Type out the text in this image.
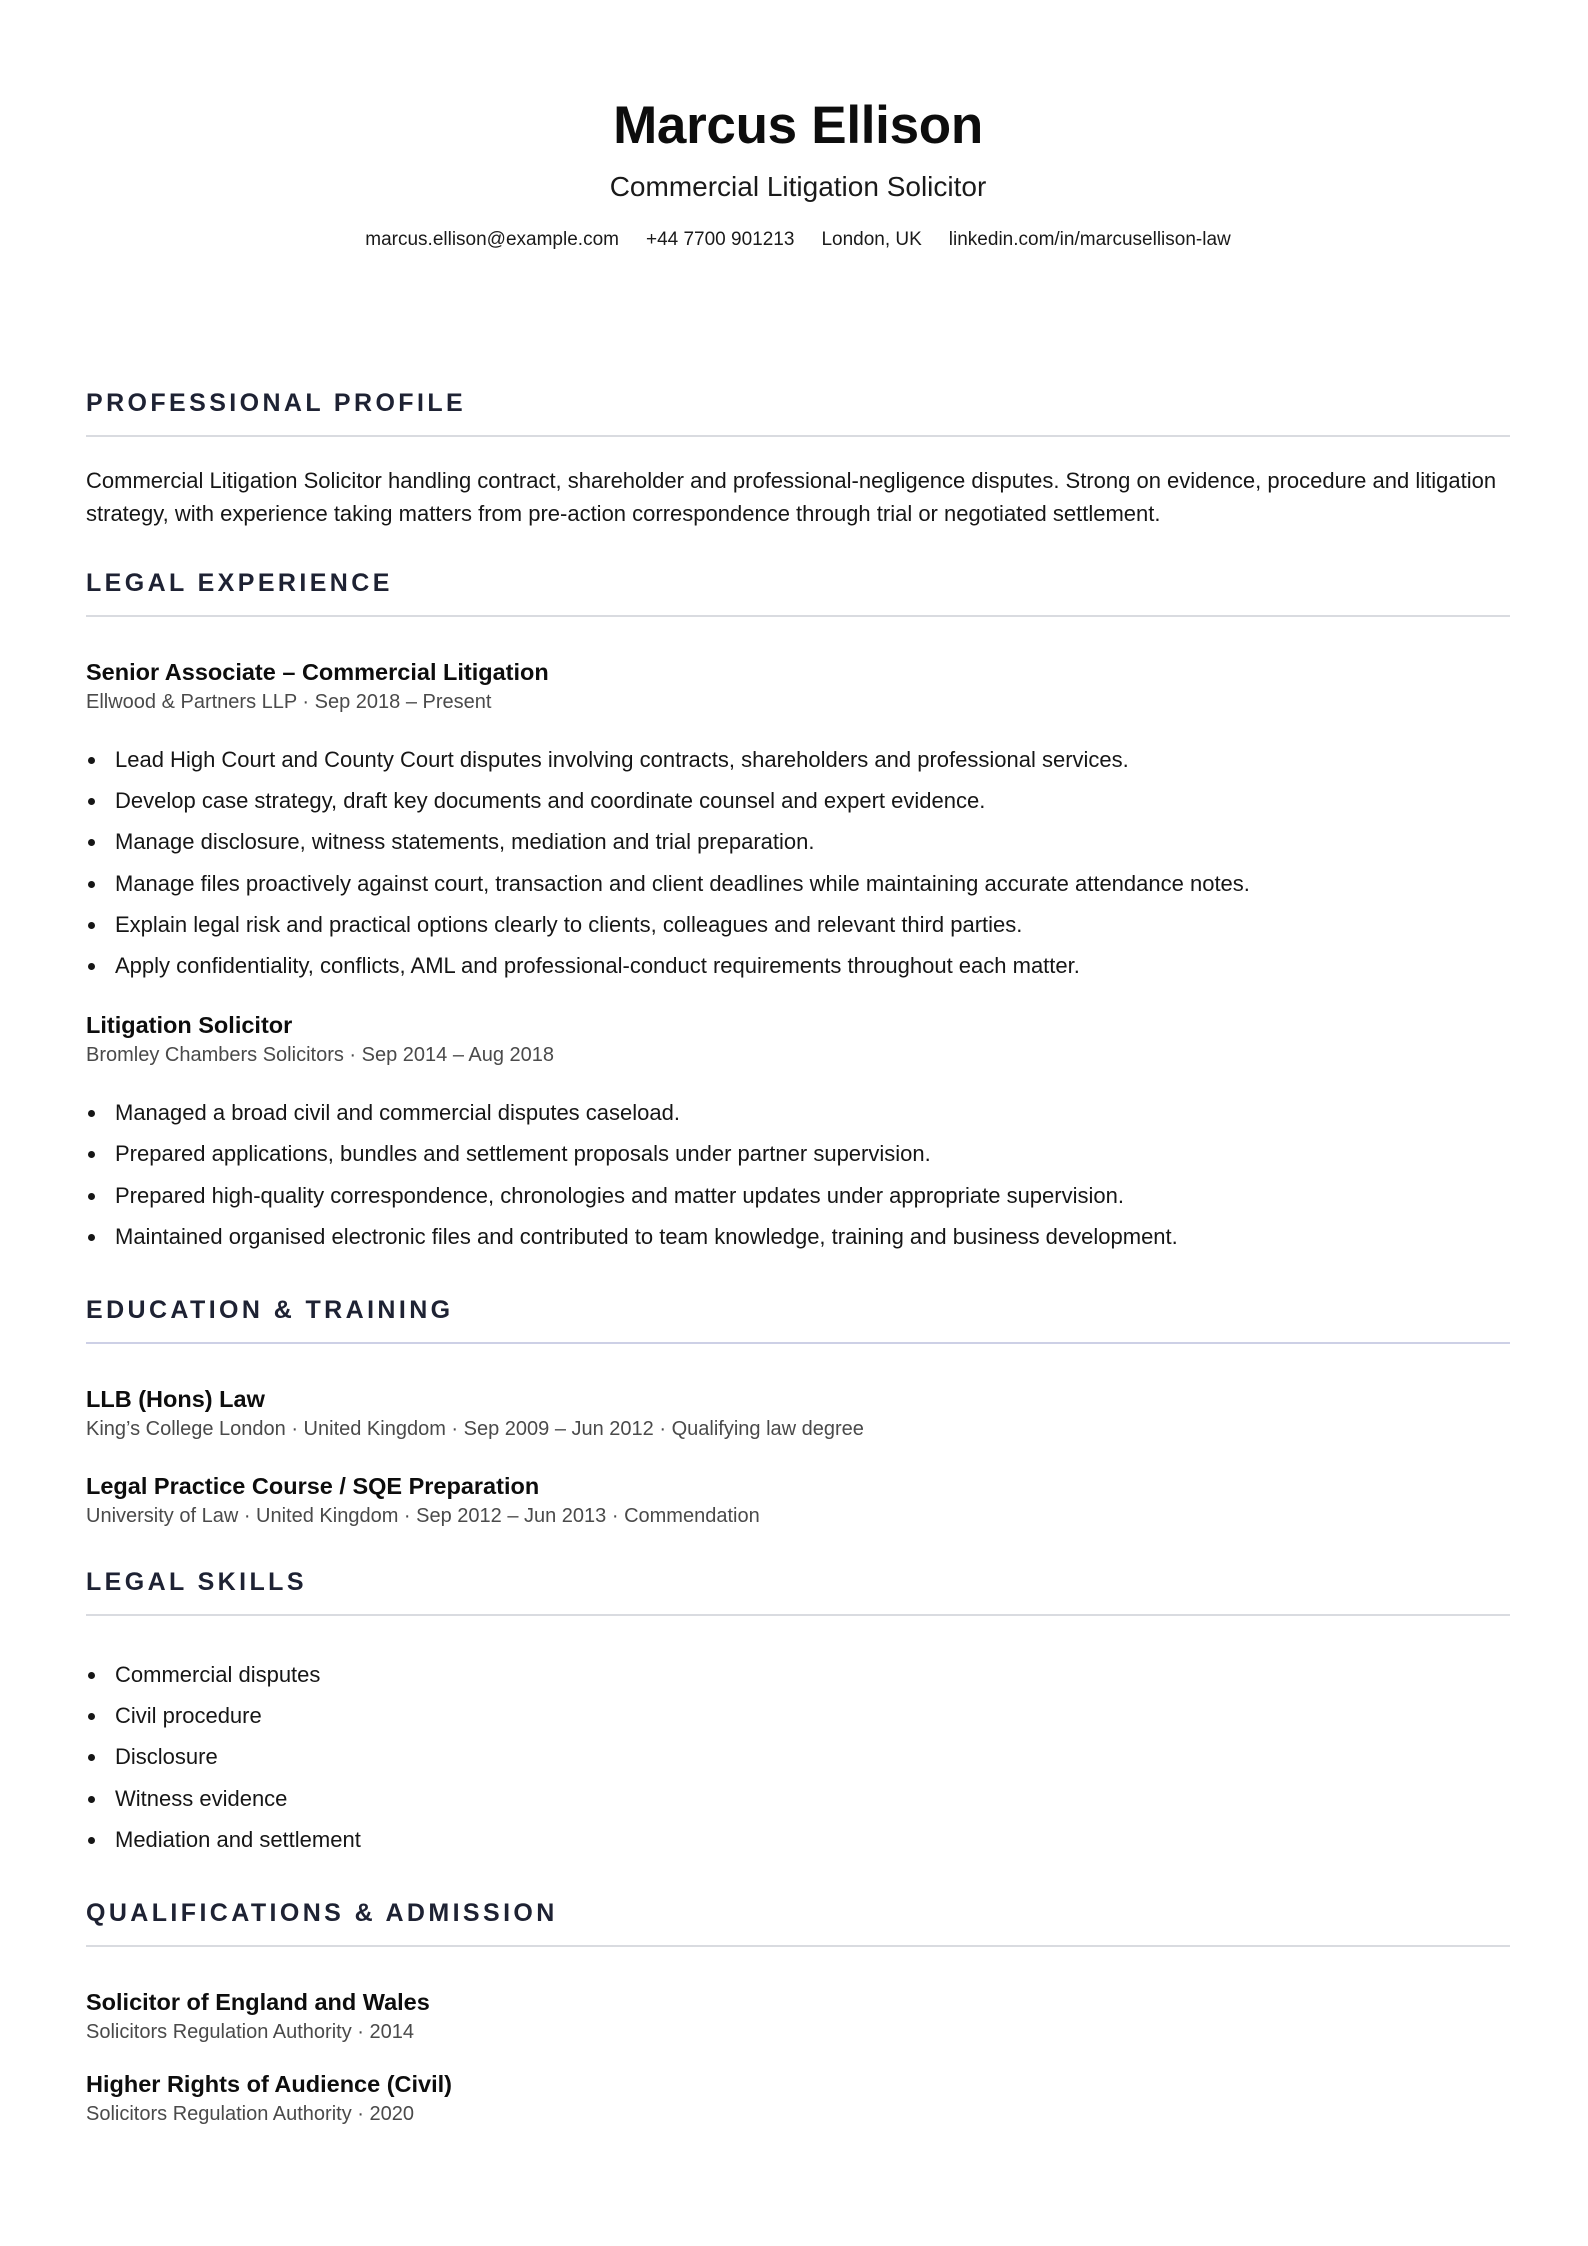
Marcus Ellison
Commercial Litigation Solicitor
marcus.ellison@example.com +44 7700 901213 London, UK linkedin.com/in/marcusellison-law
PROFESSIONAL PROFILE
Commercial Litigation Solicitor handling contract, shareholder and professional-negligence disputes. Strong on evidence, procedure and litigation strategy, with experience taking matters from pre-action correspondence through trial or negotiated settlement.
LEGAL EXPERIENCE
Senior Associate – Commercial Litigation
Ellwood & Partners LLP · Sep 2018 – Present
Lead High Court and County Court disputes involving contracts, shareholders and professional services.
Develop case strategy, draft key documents and coordinate counsel and expert evidence.
Manage disclosure, witness statements, mediation and trial preparation.
Manage files proactively against court, transaction and client deadlines while maintaining accurate attendance notes.
Explain legal risk and practical options clearly to clients, colleagues and relevant third parties.
Apply confidentiality, conflicts, AML and professional-conduct requirements throughout each matter.
Litigation Solicitor
Bromley Chambers Solicitors · Sep 2014 – Aug 2018
Managed a broad civil and commercial disputes caseload.
Prepared applications, bundles and settlement proposals under partner supervision.
Prepared high-quality correspondence, chronologies and matter updates under appropriate supervision.
Maintained organised electronic files and contributed to team knowledge, training and business development.
EDUCATION & TRAINING
LLB (Hons) Law
King’s College London · United Kingdom · Sep 2009 – Jun 2012 · Qualifying law degree
Legal Practice Course / SQE Preparation
University of Law · United Kingdom · Sep 2012 – Jun 2013 · Commendation
LEGAL SKILLS
Commercial disputes
Civil procedure
Disclosure
Witness evidence
Mediation and settlement
QUALIFICATIONS & ADMISSION
Solicitor of England and Wales
Solicitors Regulation Authority · 2014
Higher Rights of Audience (Civil)
Solicitors Regulation Authority · 2020
